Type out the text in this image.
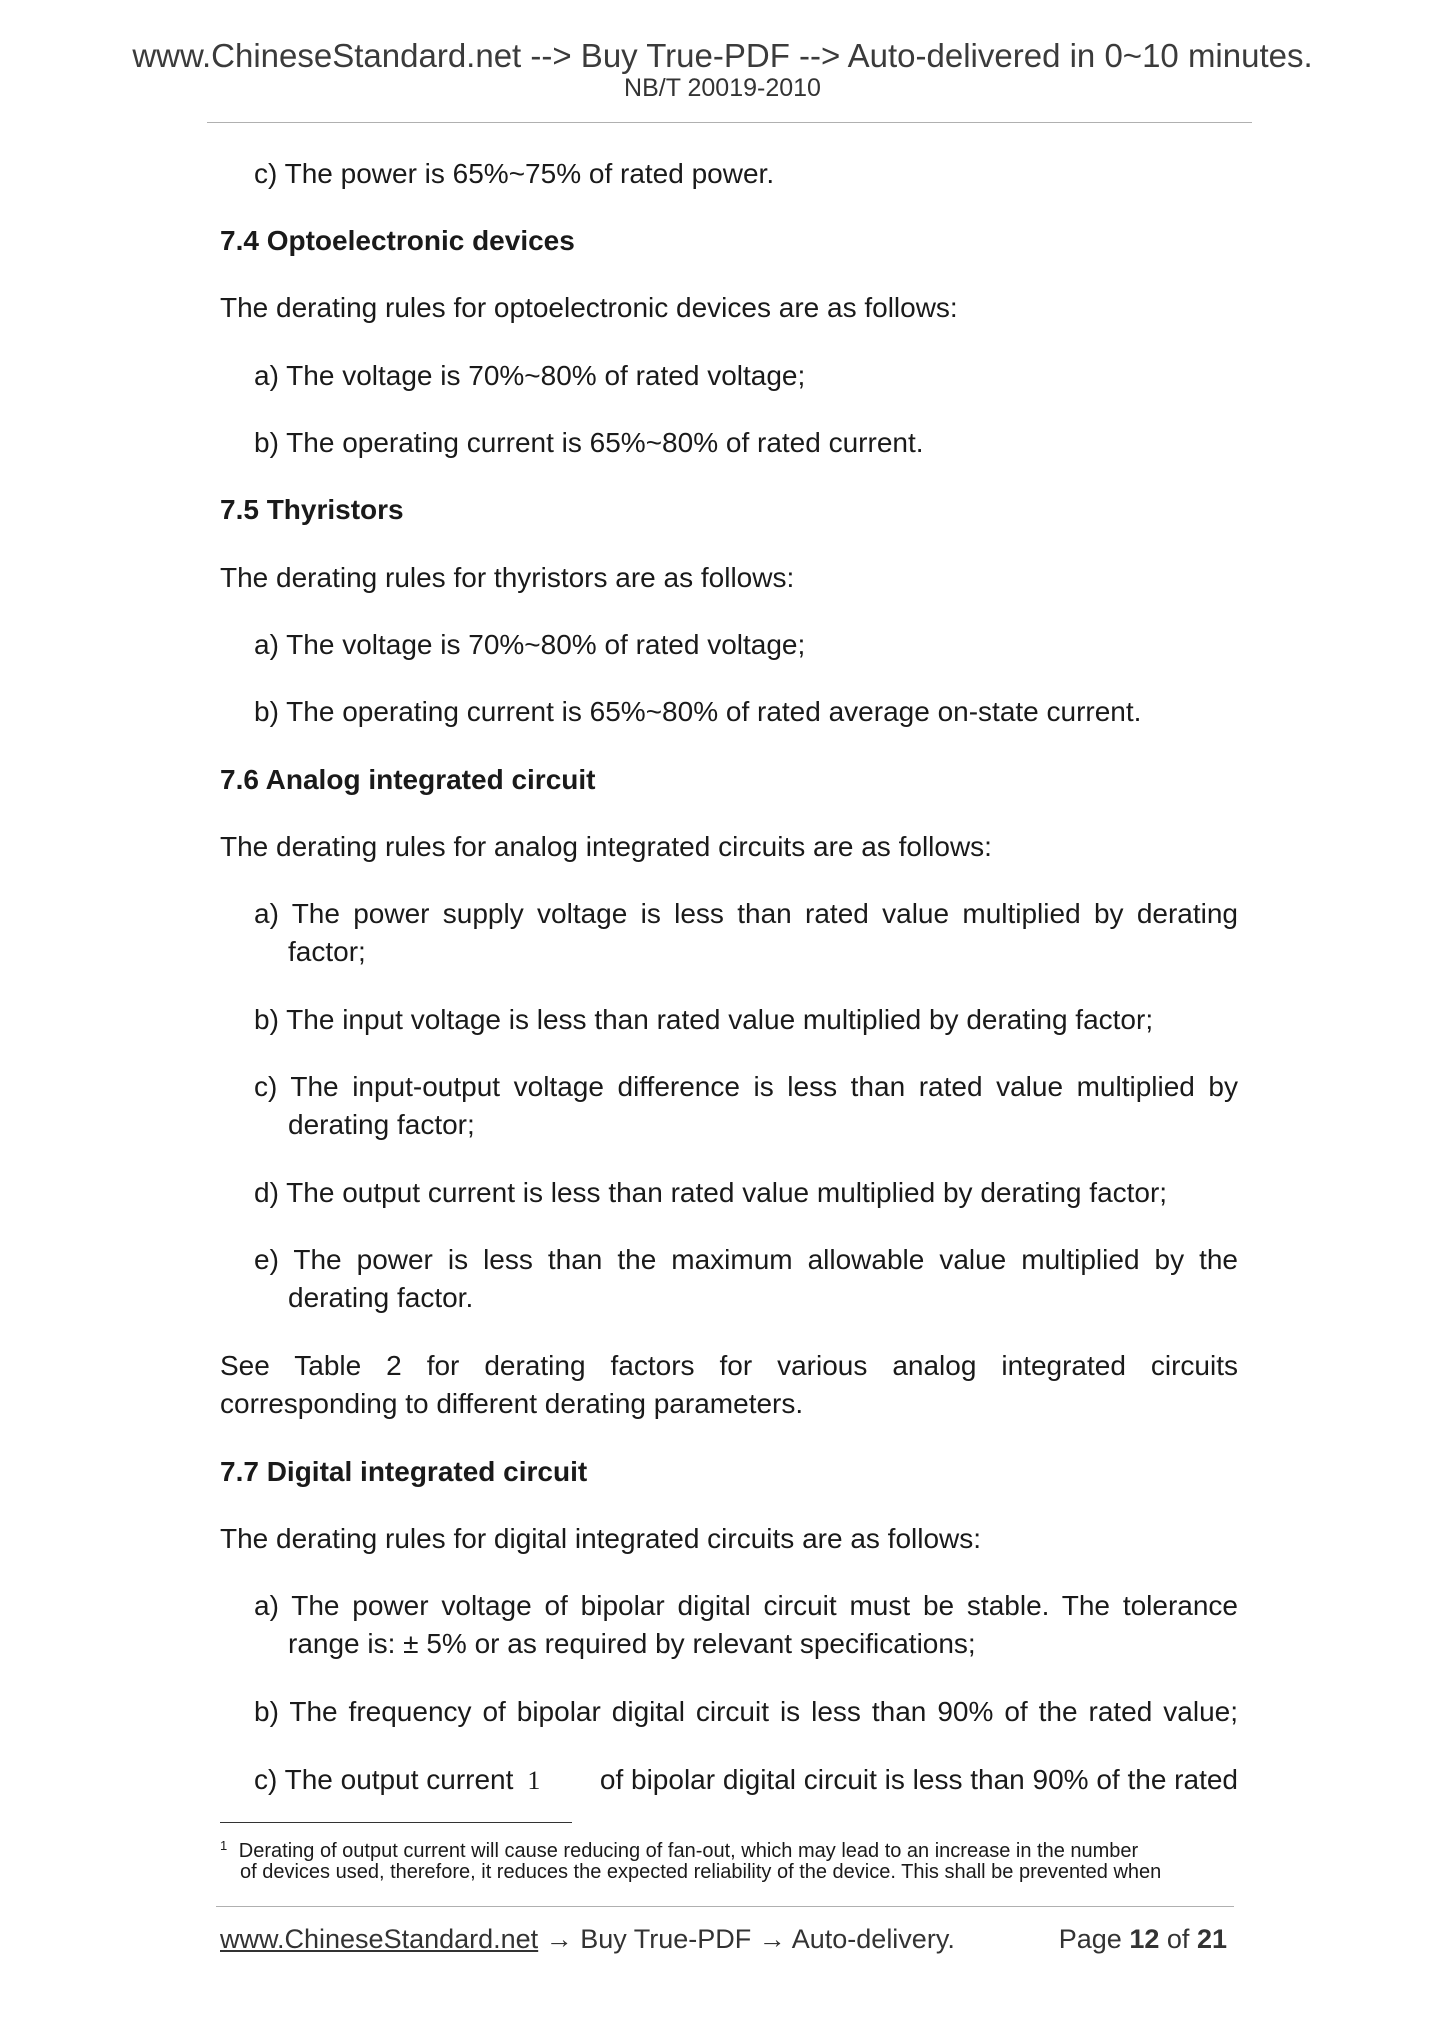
www.ChineseStandard.net --> Buy True-PDF --> Auto-delivered in 0~10 minutes.
NB/T 20019-2010
c) The power is 65%~75% of rated power.
7.4 Optoelectronic devices
The derating rules for optoelectronic devices are as follows:
a) The voltage is 70%~80% of rated voltage;
b) The operating current is 65%~80% of rated current.
7.5 Thyristors
The derating rules for thyristors are as follows:
a) The voltage is 70%~80% of rated voltage;
b) The operating current is 65%~80% of rated average on-state current.
7.6 Analog integrated circuit
The derating rules for analog integrated circuits are as follows:
a) The power supply voltage is less than rated value multiplied by derating
factor;
b) The input voltage is less than rated value multiplied by derating factor;
c) The input-output voltage difference is less than rated value multiplied by
derating factor;
d) The output current is less than rated value multiplied by derating factor;
e) The power is less than the maximum allowable value multiplied by the
derating factor.
See Table 2 for derating factors for various analog integrated circuits
corresponding to different derating parameters.
7.7 Digital integrated circuit
The derating rules for digital integrated circuits are as follows:
a) The power voltage of bipolar digital circuit must be stable. The tolerance
range is: ± 5% or as required by relevant specifications;
b) The frequency of bipolar digital circuit is less than 90% of the rated value;
c) The output current 1	of bipolar digital circuit is less than 90% of the rated
$^1$ Derating of output current will cause reducing of fan-out, which may lead to an increase in the number
of devices used, therefore, it reduces the expected reliability of the device. This shall be prevented when
www.ChineseStandard.net → Buy True-PDF → Auto-delivery.	Page 12 of 21
